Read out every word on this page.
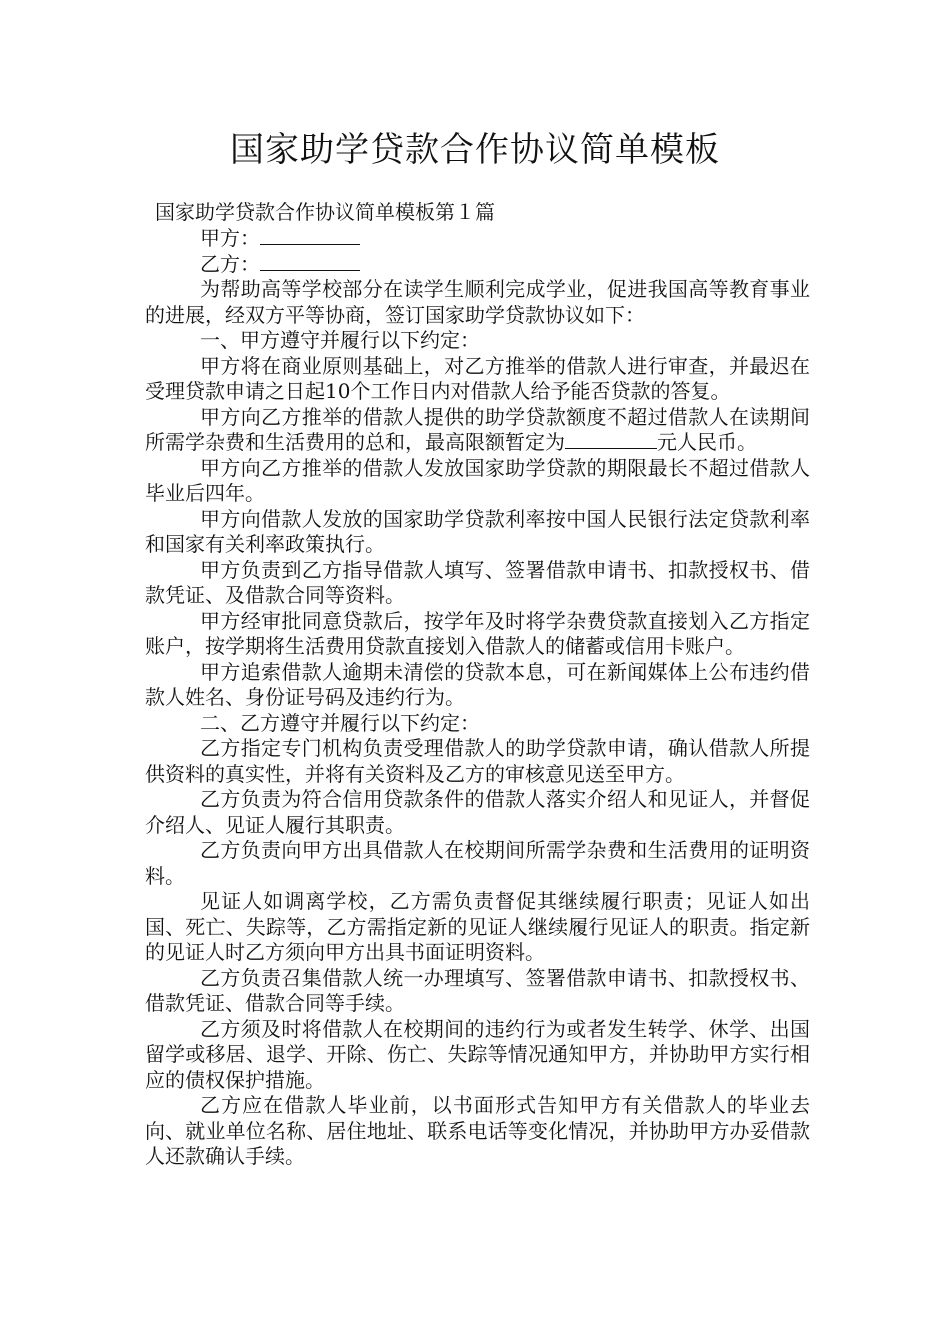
国家助学贷款合作协议简单模板
国家助学贷款合作协议简单模板第１篇

甲方：

乙方：

为帮助高等学校部分在读学生顺利完成学业，促进我国高等教育事业的进展，经双方平等协商，签订国家助学贷款协议如下：

一、甲方遵守并履行以下约定：

甲方将在商业原则基础上，对乙方推举的借款人进行审查，并最迟在受理贷款申请之日起10个工作日内对借款人给予能否贷款的答复。

甲方向乙方推举的借款人提供的助学贷款额度不超过借款人在读期间所需学杂费和生活费用的总和，最高限额暂定为	元人民币。

甲方向乙方推举的借款人发放国家助学贷款的期限最长不超过借款人毕业后四年。

甲方向借款人发放的国家助学贷款利率按中国人民银行法定贷款利率和国家有关利率政策执行。

甲方负责到乙方指导借款人填写、签署借款申请书、扣款授权书、借款凭证、及借款合同等资料。

甲方经审批同意贷款后，按学年及时将学杂费贷款直接划入乙方指定账户，按学期将生活费用贷款直接划入借款人的储蓄或信用卡账户。

甲方追索借款人逾期未清偿的贷款本息，可在新闻媒体上公布违约借款人姓名、身份证号码及违约行为。

二、乙方遵守并履行以下约定：

乙方指定专门机构负责受理借款人的助学贷款申请，确认借款人所提供资料的真实性，并将有关资料及乙方的审核意见送至甲方。

乙方负责为符合信用贷款条件的借款人落实介绍人和见证人，并督促介绍人、见证人履行其职责。

乙方负责向甲方出具借款人在校期间所需学杂费和生活费用的证明资料。

见证人如调离学校，乙方需负责督促其继续履行职责；见证人如出国、死亡、失踪等，乙方需指定新的见证人继续履行见证人的职责。指定新的见证人时乙方须向甲方出具书面证明资料。

乙方负责召集借款人统一办理填写、签署借款申请书、扣款授权书、借款凭证、借款合同等手续。

乙方须及时将借款人在校期间的违约行为或者发生转学、休学、出国留学或移居、退学、开除、伤亡、失踪等情况通知甲方，并协助甲方实行相应的债权保护措施。

乙方应在借款人毕业前，以书面形式告知甲方有关借款人的毕业去向、就业单位名称、居住地址、联系电话等变化情况，并协助甲方办妥借款人还款确认手续。
